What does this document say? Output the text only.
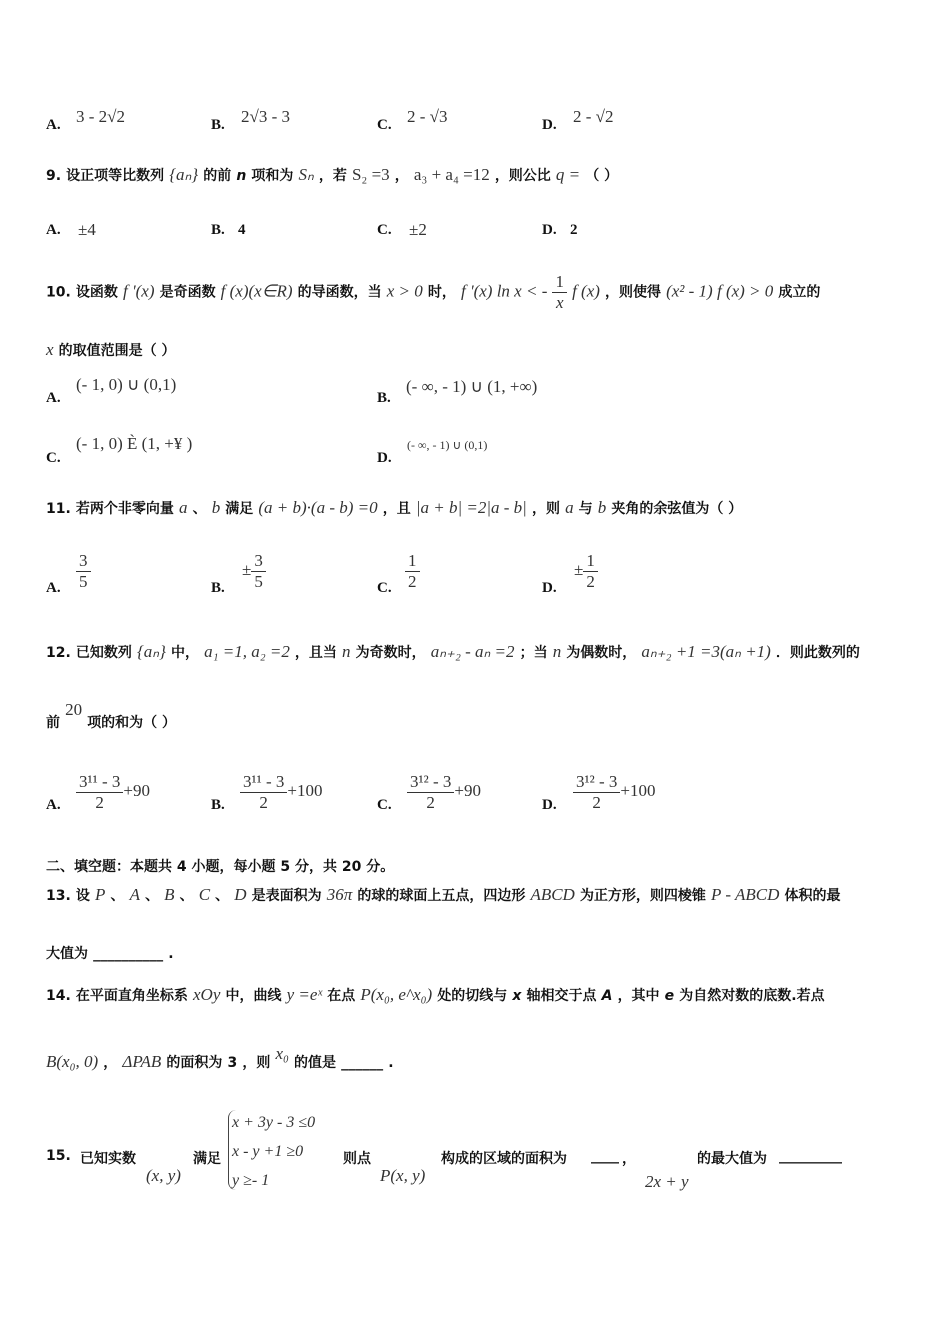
A. 3 - 2√2	B. 2√3 - 3	C. 2 - √3	D. 2 - √2
9. 设正项等比数列 {aₙ} 的前 n 项和为 Sₙ ，若 S₂ =3 ， a₃ + a₄ =12 ，则公比 q = （ ）
A. ±4	B. 4	C. ±2	D. 2
10. 设函数 f '(x) 是奇函数 f (x)(x∈R) 的导函数，当 x > 0 时， f '(x) ln x < - $\frac{1}{x}$ f (x) ，则使得 (x² - 1) f (x) > 0 成立的
x 的取值范围是（ ）
A.
(- 1, 0) ∪ (0,1)
B.
(- ∞, - 1) ∪ (1, +∞)
C.
(- 1, 0) È (1, +¥ )
D.
(- ∞, - 1) ∪ (0,1)
11. 若两个非零向量 a 、 b 满足 (a + b)·(a - b) =0 ，且 |a + b| =2|a - b| ，则 a 与 b 夹角的余弦值为（ ）
A. $\frac{3}{5}$	B.
± $\frac{3}{5}$	C. $\frac{1}{2}$	D.
± $\frac{1}{2}$
12. 已知数列 {aₙ} 中， a₁ =1, a₂ =2 ，且当 n 为奇数时， aₙ₊₂ - aₙ =2 ；当 n 为偶数时， aₙ₊₂ +1 =3(aₙ +1) ．则此数列的
前 20 项的和为（ ）
A. $\frac{\text{3¹¹ - 3}}{2} +90$
B. $\frac{\text{3¹¹ - 3}}{2} +100$
C. $\frac{\text{3¹² - 3}}{2} +90$
D. $\frac{\text{3¹² - 3}}{2} +100$
二、填空题：本题共 4 小题，每小题 5 分，共 20 分。
13. 设 P 、 A 、 B 、 C 、 D 是表面积为 36π 的球的球面上五点，四边形 ABCD 为正方形，则四棱锥 P - ABCD 体积的最
大值为 __________ .
14. 在平面直角坐标系 xOy 中，曲线 y =eˣ 在点 P(x₀, e^x₀) 处的切线与 x 轴相交于点 A ，其中 e 为自然对数的底数.若点
B(x₀, 0) ， ΔPAB 的面积为 3 ，则 x₀ 的值是 ______ .
15. 已知实数
(x, y)
满足
x + 3y - 3 ≤0
x - y +1 ≥0
y ≥- 1
则点
P(x, y)
构成的区域的面积为 ____ ，
2x + y
的最大值为 _________
